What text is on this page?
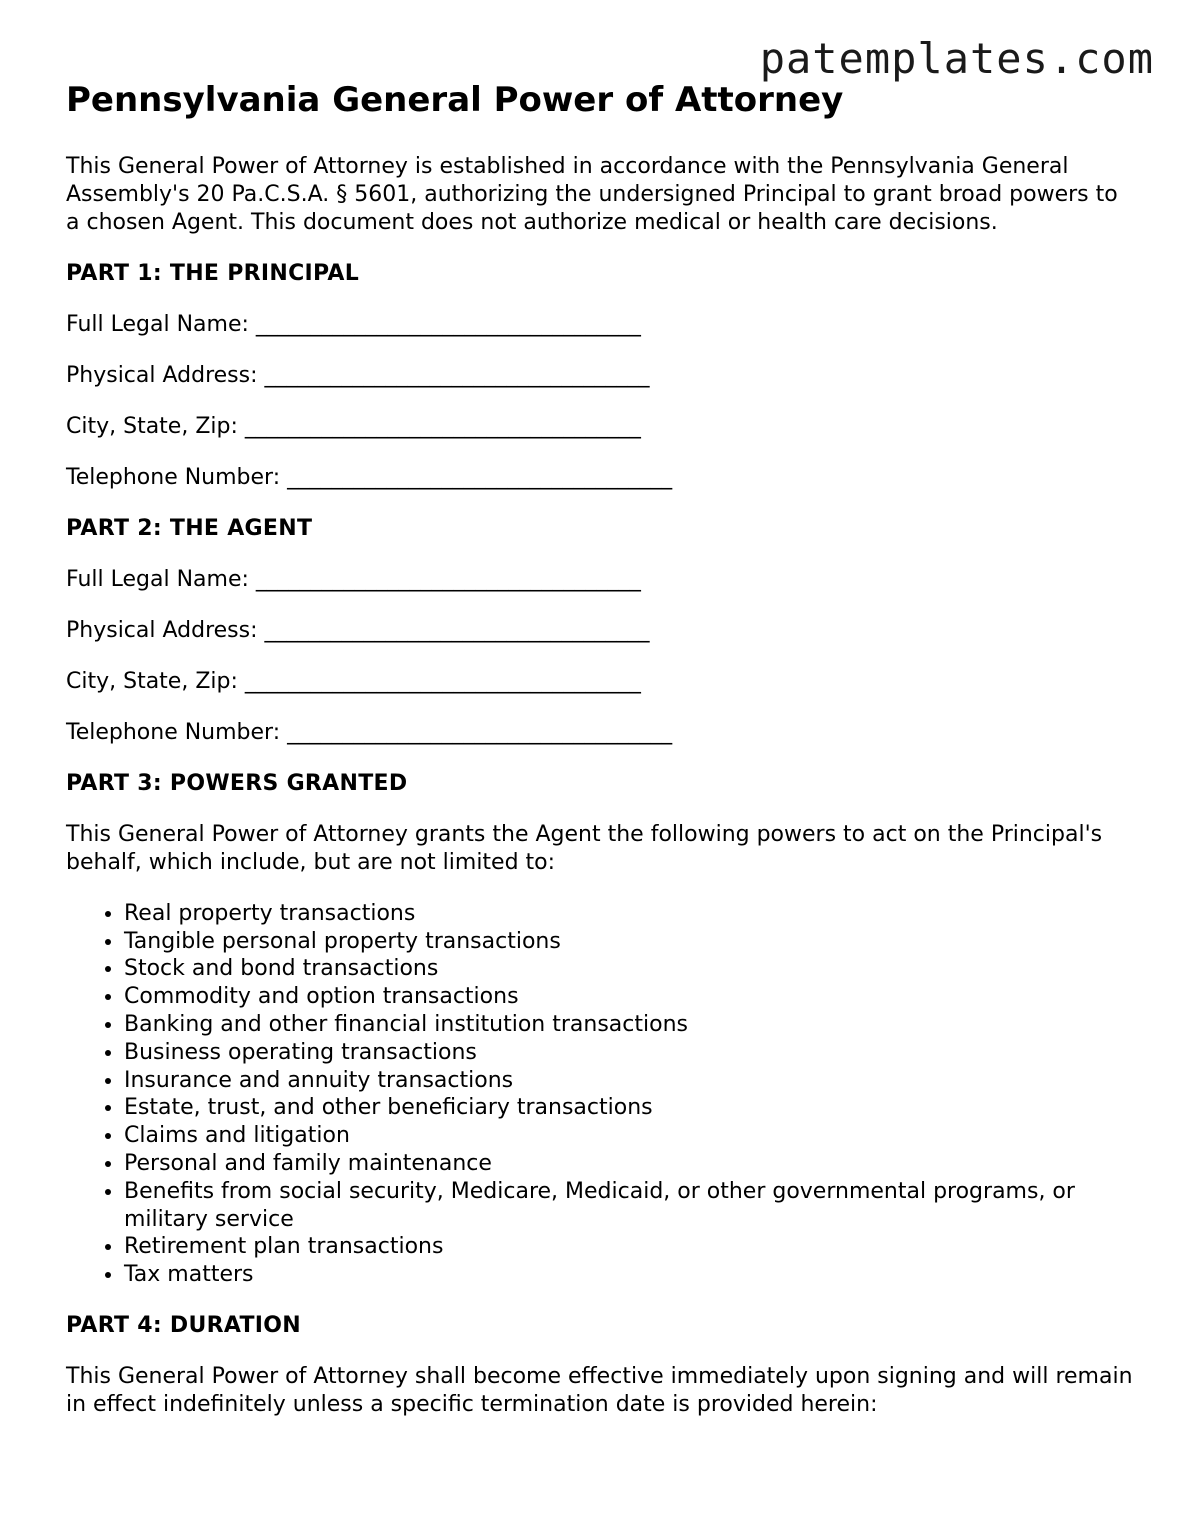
patemplates.com
Pennsylvania General Power of Attorney

This General Power of Attorney is established in accordance with the Pennsylvania General Assembly's 20 Pa.C.S.A. § 5601, authorizing the undersigned Principal to grant broad powers to a chosen Agent. This document does not authorize medical or health care decisions.

PART 1: THE PRINCIPAL
Full Legal Name: ___________________________________
Physical Address: ___________________________________
City, State, Zip: ____________________________________
Telephone Number: ___________________________________
PART 2: THE AGENT
Full Legal Name: ___________________________________
Physical Address: ___________________________________
City, State, Zip: ____________________________________
Telephone Number: ___________________________________
PART 3: POWERS GRANTED

This General Power of Attorney grants the Agent the following powers to act on the Principal's behalf, which include, but are not limited to:

• Real property transactions
• Tangible personal property transactions
• Stock and bond transactions
• Commodity and option transactions
• Banking and other financial institution transactions
• Business operating transactions
• Insurance and annuity transactions
• Estate, trust, and other beneficiary transactions
• Claims and litigation
• Personal and family maintenance
• Benefits from social security, Medicare, Medicaid, or other governmental programs, or military service
• Retirement plan transactions
• Tax matters
PART 4: DURATION

This General Power of Attorney shall become effective immediately upon signing and will remain in effect indefinitely unless a specific termination date is provided herein:
